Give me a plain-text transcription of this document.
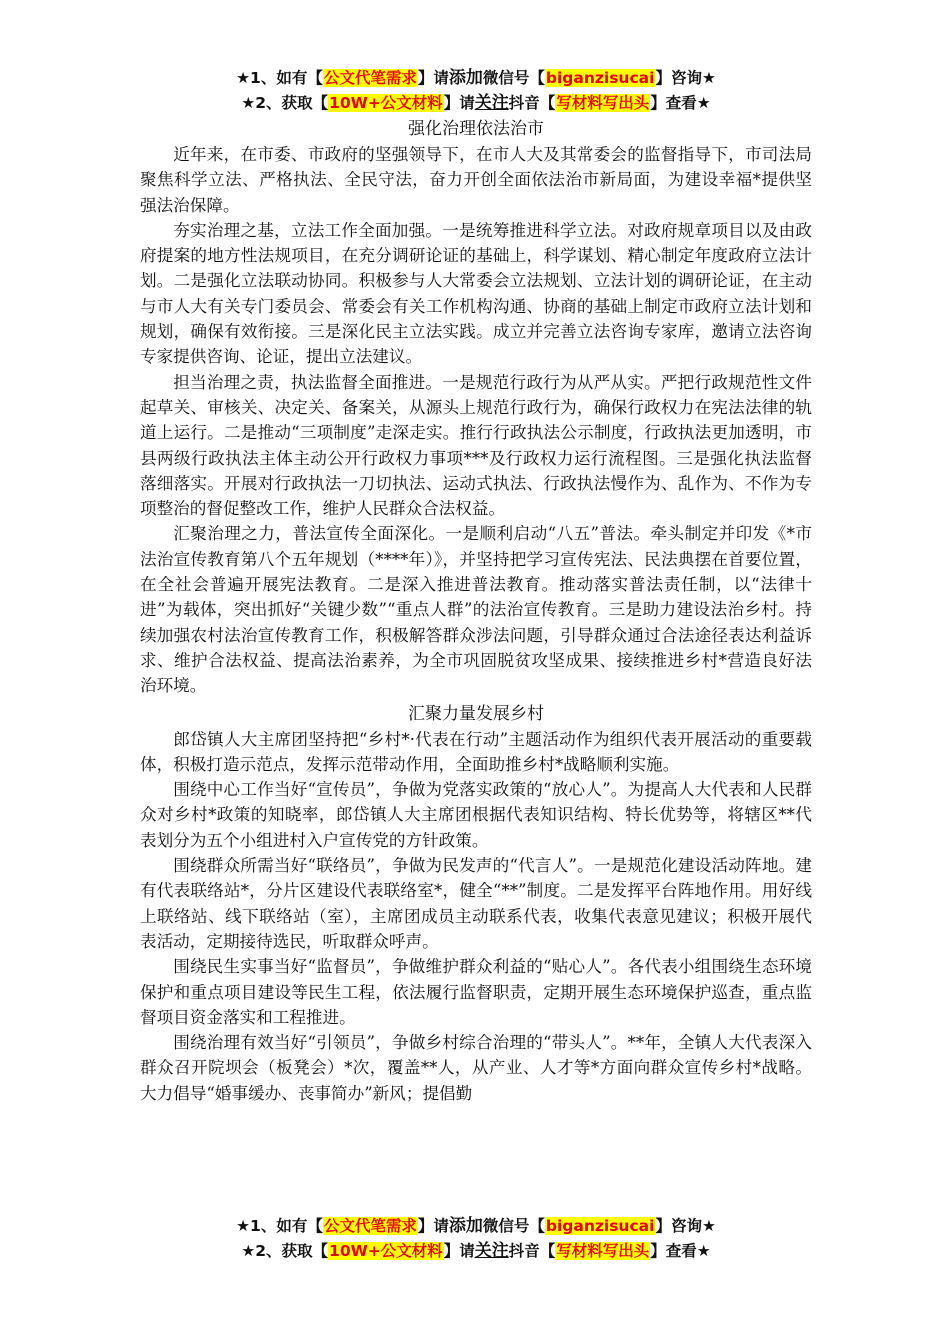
★1、如有【公文代笔需求】请添加微信号【biganzisucai】咨询★
★2、获取【10W+公文材料】请关注抖音【写材料写出头】查看★

强化治理依法治市

近年来，在市委、市政府的坚强领导下，在市人大及其常委会的监督指导下，市司法局聚焦科学立法、严格执法、全民守法，奋力开创全面依法治市新局面，为建设幸福*提供坚强法治保障。

夯实治理之基，立法工作全面加强。一是统筹推进科学立法。对政府规章项目以及由政府提案的地方性法规项目，在充分调研论证的基础上，科学谋划、精心制定年度政府立法计划。二是强化立法联动协同。积极参与人大常委会立法规划、立法计划的调研论证，在主动与市人大有关专门委员会、常委会有关工作机构沟通、协商的基础上制定市政府立法计划和规划，确保有效衔接。三是深化民主立法实践。成立并完善立法咨询专家库，邀请立法咨询专家提供咨询、论证，提出立法建议。

担当治理之责，执法监督全面推进。一是规范行政行为从严从实。严把行政规范性文件起草关、审核关、决定关、备案关，从源头上规范行政行为，确保行政权力在宪法法律的轨道上运行。二是推动“三项制度”走深走实。推行行政执法公示制度，行政执法更加透明，市县两级行政执法主体主动公开行政权力事项***及行政权力运行流程图。三是强化执法监督落细落实。开展对行政执法一刀切执法、运动式执法、行政执法慢作为、乱作为、不作为专项整治的督促整改工作，维护人民群众合法权益。

汇聚治理之力，普法宣传全面深化。一是顺利启动“八五”普法。牵头制定并印发《*市法治宣传教育第八个五年规划（****年）》，并坚持把学习宣传宪法、民法典摆在首要位置，在全社会普遍开展宪法教育。二是深入推进普法教育。推动落实普法责任制，以“法律十进”为载体，突出抓好“关键少数”“重点人群”的法治宣传教育。三是助力建设法治乡村。持续加强农村法治宣传教育工作，积极解答群众涉法问题，引导群众通过合法途径表达利益诉求、维护合法权益、提高法治素养，为全市巩固脱贫攻坚成果、接续推进乡村*营造良好法治环境。

汇聚力量发展乡村

郎岱镇人大主席团坚持把“乡村*·代表在行动”主题活动作为组织代表开展活动的重要载体，积极打造示范点，发挥示范带动作用，全面助推乡村*战略顺利实施。

围绕中心工作当好“宣传员”，争做为党落实政策的“放心人”。为提高人大代表和人民群众对乡村*政策的知晓率，郎岱镇人大主席团根据代表知识结构、特长优势等，将辖区**代表划分为五个小组进村入户宣传党的方针政策。

围绕群众所需当好“联络员”，争做为民发声的“代言人”。一是规范化建设活动阵地。建有代表联络站*，分片区建设代表联络室*，健全“**”制度。二是发挥平台阵地作用。用好线上联络站、线下联络站（室），主席团成员主动联系代表，收集代表意见建议；积极开展代表活动，定期接待选民，听取群众呼声。

围绕民生实事当好“监督员”，争做维护群众利益的“贴心人”。各代表小组围绕生态环境保护和重点项目建设等民生工程，依法履行监督职责，定期开展生态环境保护巡查，重点监督项目资金落实和工程推进。

围绕治理有效当好“引领员”，争做乡村综合治理的“带头人”。**年，全镇人大代表深入群众召开院坝会（板凳会）*次，覆盖**人，从产业、人才等*方面向群众宣传乡村*战略。大力倡导“婚事缓办、丧事简办”新风；提倡勤

★1、如有【公文代笔需求】请添加微信号【biganzisucai】咨询★
★2、获取【10W+公文材料】请关注抖音【写材料写出头】查看★
